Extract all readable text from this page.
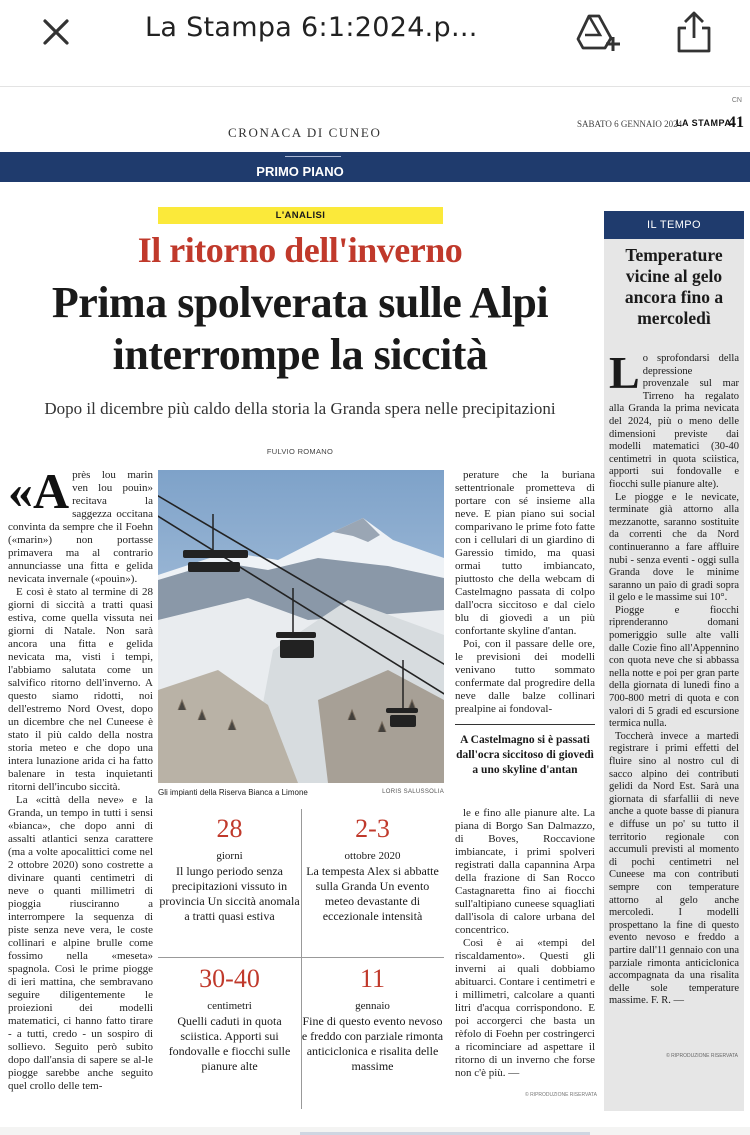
La Stampa 6:1:2024.p...
CN
CRONACA DI CUNEO
SABATO 6 GENNAIO 2024
LA STAMPA
41
PRIMO PIANO
L'ANALISI
Il ritorno dell'inverno
Prima spolverata sulle Alpi interrompe la siccità
Dopo il dicembre più caldo della storia la Granda spera nelle precipitazioni
FULVIO ROMANO
«A près lou marin ven lou pouìn» recitava la saggezza occitana convinta da sempre che il Foehn («marin») non portasse primavera ma al contrario annunciasse una fitta e gelida nevicata invernale («pouìn»).

E così è stato al termine di 28 giorni di siccità a tratti quasi estiva, come quella vissuta nei giorni di Natale. Non sarà ancora una fitta e gelida nevicata ma, visti i tempi, l'abbiamo salutata come un salvifico ritorno dell'inverno. A questo siamo ridotti, noi dell'estremo Nord Ovest, dopo un dicembre che nel Cuneese è stato il più caldo della nostra storia meteo e che dopo una intera lunazione arida ci ha fatto balenare in testa inquietanti ritorni dell'incubo siccità.

La «città della neve» e la Granda, un tempo in tutti i sensi «bianca», che dopo anni di assalti atlantici senza carattere (ma a volte apocalittici come nel 2 ottobre 2020) sono costrette a divinare quanti centimetri di neve o quanti millimetri di pioggia riusciranno a interrompere la sequenza di piste senza neve vera, le coste collinari e alpine brulle come fossimo nella «meseta» spagnola. Così le prime piogge di ieri mattina, che sembravano seguire diligentemente le proiezioni dei modelli matematici, ci hanno fatto tirare - a tutti, credo - un sospiro di sollievo. Seguito però subito dopo dall'ansia di sapere se al-le piogge sarebbe anche seguito quel crollo delle tem-

Gli impianti della Riserva Bianca a Limone	LORIS SALUSSOLIA

perature che la buriana settentrionale prometteva di portare con sé insieme alla neve. E pian piano sui social comparivano le prime foto fatte con i cellulari di un giardino di Garessio timido, ma quasi ormai tutto imbiancato, piuttosto che della webcam di Castelmagno passata di colpo dall'ocra siccitoso e dal cielo blu di giovedì a un più confortante skyline d'antan.

Poi, con il passare delle ore, le previsioni dei modelli venivano tutto sommato confermate dal progredire della neve dalle balze collinari prealpine ai fondoval-

A Castelmagno si è passati dall'ocra siccitoso di giovedì a uno skyline d'antan

le e fino alle pianure alte. La piana di Borgo San Dalmazzo, di Boves, Roccavione imbiancate, i primi spolveri registrati dalla capannina Arpa della frazione di San Rocco Castagnaretta fino ai fiocchi sull'altipiano cuneese squagliati dall'isola di calore urbana del concentrico.

Così è ai «tempi del riscaldamento». Questi gli inverni ai quali dobbiamo abituarci. Contare i centimetri e i millimetri, calcolare a quanti litri d'acqua corrispondono. E poi accorgerci che basta un rèfolo di Foehn per costringerci a ricominciare ad aspettare il ritorno di un inverno che forse non c'è più. —

28
giorni
Il lungo periodo senza precipitazioni vissuto in provincia Un siccità anomala a tratti quasi estiva
2-3
ottobre 2020
La tempesta Alex si abbatte sulla Granda Un evento meteo devastante di eccezionale intensità
30-40
centimetri
Quelli caduti in quota sciistica. Apporti sui fondovalle e fiocchi sulle pianure alte
11
gennaio
Fine di questo evento nevoso e freddo con parziale rimonta anticiclonica e risalita delle massime
© RIPRODUZIONE RISERVATA
IL TEMPO
Temperature vicine al gelo ancora fino a mercoledì
L o sprofondarsi della depressione provenzale sul mar Tirreno ha regalato alla Granda la prima nevicata del 2024, più o meno delle dimensioni previste dai modelli matematici (30-40 centimetri in quota sciistica, apporti sui fondovalle e fiocchi sulle pianure alte).

Le piogge e le nevicate, terminate già attorno alla mezzanotte, saranno sostituite da correnti che da Nord continueranno a fare affluire nubi - senza eventi - oggi sulla Granda dove le minime saranno un paio di gradi sopra il gelo e le massime sui 10°.

Piogge e fiocchi riprenderanno domani pomeriggio sulle alte valli dalle Cozie fino all'Appennino con quota neve che si abbassa nella notte e poi per gran parte della giornata di lunedì fino a 700-800 metri di quota e con valori di 5 gradi ed escursione termica nulla.

Toccherà invece a martedì registrare i primi effetti del fluire sino al nostro cul di sacco alpino dei contributi gelidi da Nord Est. Sarà una giornata di sfarfallii di neve anche a quote basse di pianura e diffuse un po' su tutto il territorio regionale con accumuli previsti al momento di pochi centimetri nel Cuneese ma con contributi sempre con temperature attorno al gelo anche mercoledì. I modelli prospettano la fine di questo evento nevoso e freddo a partire dall'11 gennaio con una parziale rimonta anticiclonica accompagnata da una risalita delle sole temperature massime. F. R. —

© RIPRODUZIONE RISERVATA
